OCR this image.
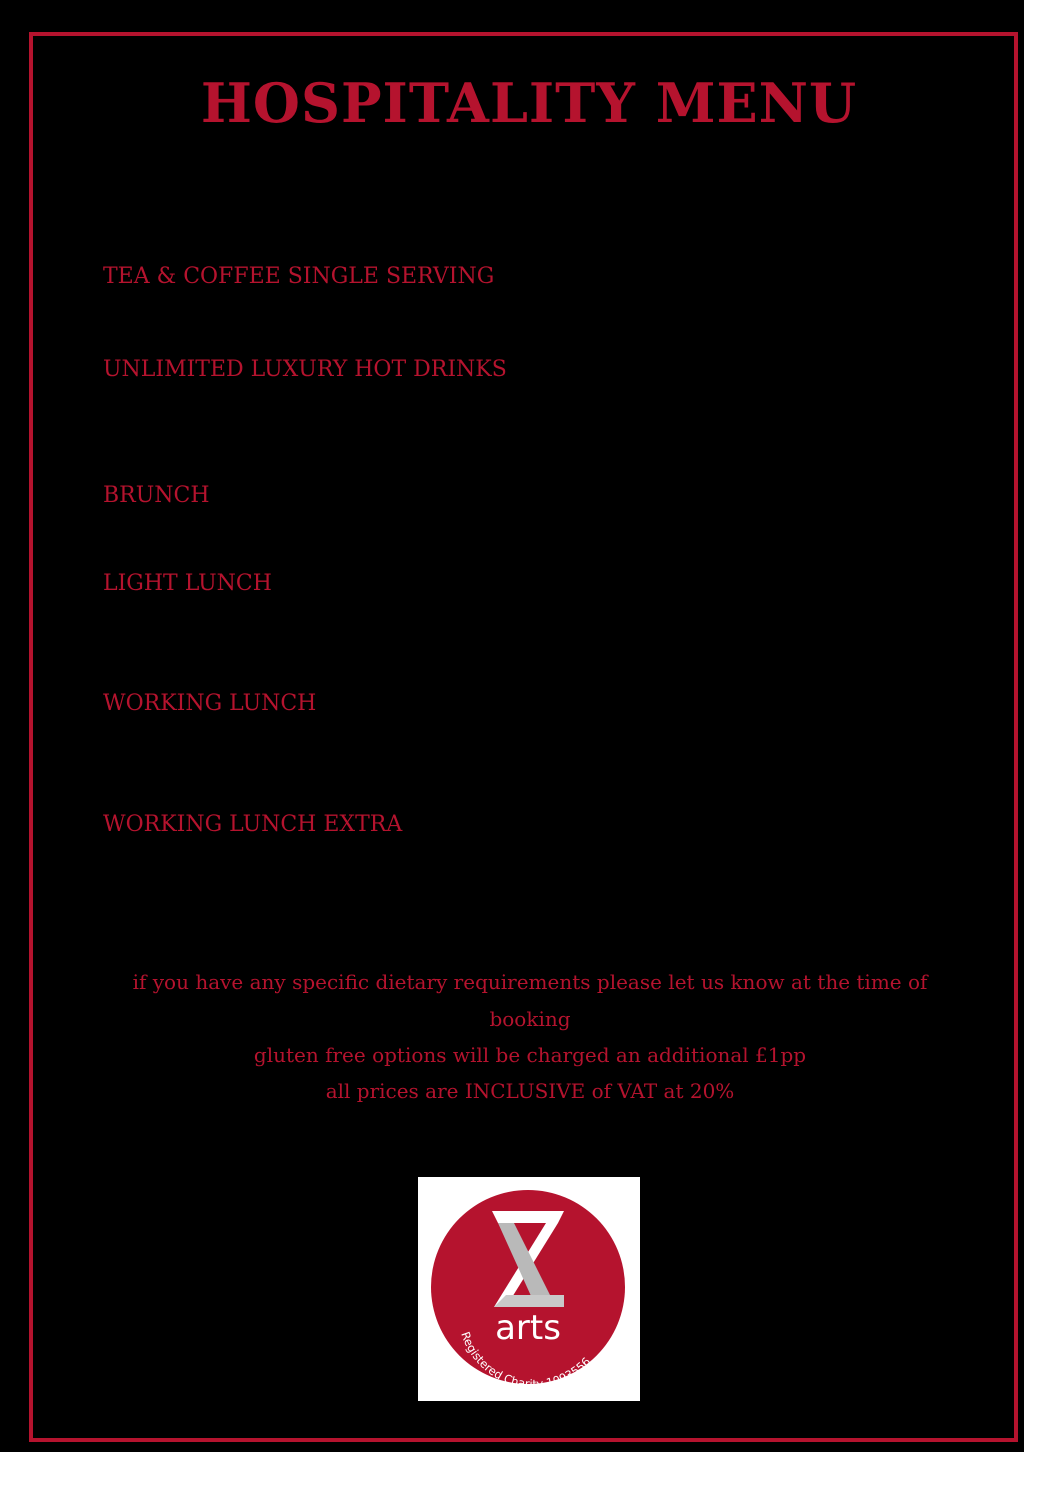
HOSPITALITY MENU
TEA & COFFEE SINGLE SERVING
UNLIMITED LUXURY HOT DRINKS
BRUNCH
LIGHT LUNCH
WORKING LUNCH
WORKING LUNCH EXTRA
if you have any specific dietary requirements please let us know at the time of
booking
gluten free options will be charged an additional £1pp
all prices are INCLUSIVE of VAT at 20%
arts
Registered Charity 1093556
